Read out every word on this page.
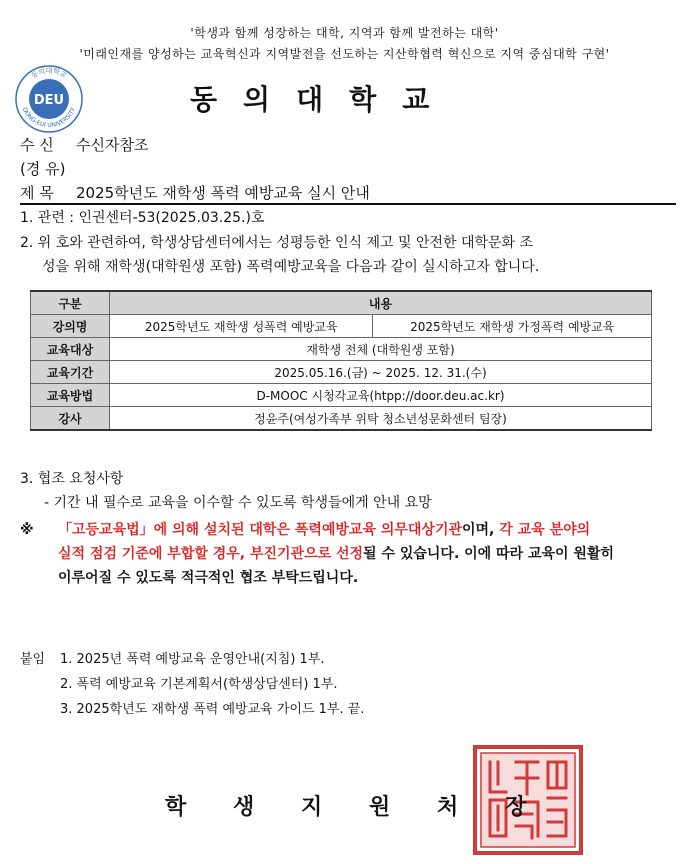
'학생과 함께 성장하는 대학, 지역과 함께 발전하는 대학'
'미래인재를 양성하는 교육혁신과 지역발전을 선도하는 지산학협력 혁신으로 지역 중심대학 구현'
동의대학교
DONG-EUI UNIVERSITY
DEU	동의대학교
수 신 수신자참조
(경 유)
제 목 2025학년도 재학생 폭력 예방교육 실시 안내
1. 관련 : 인권센터-53(2025.03.25.)호
2. 위 호와 관련하여, 학생상담센터에서는 성평등한 인식 제고 및 안전한 대학문화 조
성을 위해 재학생(대학원생 포함) 폭력예방교육을 다음과 같이 실시하고자 합니다.
구분	내용	
강의명	2025학년도 재학생 성폭력 예방교육	2025학년도 재학생 가정폭력 예방교육
교육대상	재학생 전체 (대학원생 포함)	
교육기간	2025.05.16.(금) ~ 2025. 12. 31.(수)	
교육방법	D-MOOC 시청각교육(htpp://door.deu.ac.kr)	
강사	정윤주(여성가족부 위탁 청소년성문화센터 팀장)	
3. 협조 요청사항
- 기간 내 필수로 교육을 이수할 수 있도록 학생들에게 안내 요망
※ 「고등교육법」에 의해 설치된 대학은 폭력예방교육 의무대상기관이며, 각 교육 분야의
실적 점검 기준에 부합할 경우, 부진기관으로 선정될 수 있습니다. 이에 따라 교육이 원활히
이루어질 수 있도록 적극적인 협조 부탁드립니다.
붙임 1. 2025년 폭력 예방교육 운영안내(지침) 1부.
2. 폭력 예방교육 기본계획서(학생상담센터) 1부.
3. 2025학년도 재학생 폭력 예방교육 가이드 1부. 끝.
학 생 지 원 처 장
